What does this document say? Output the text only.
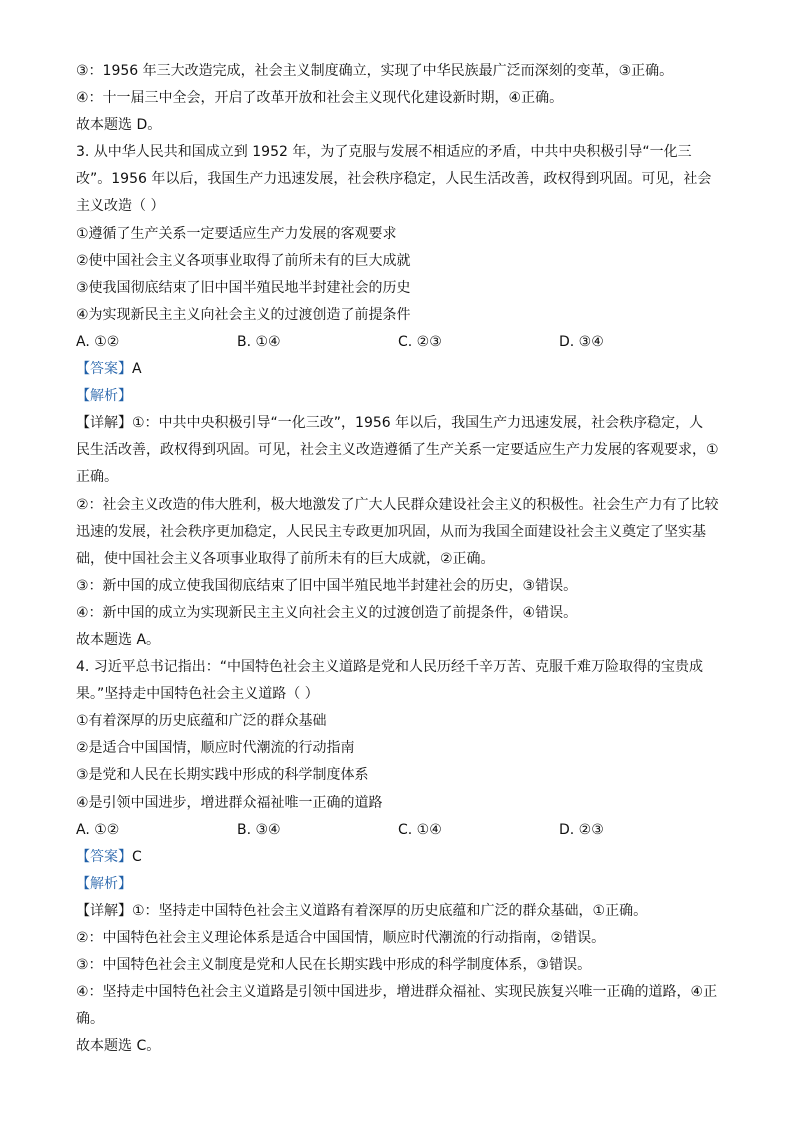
③：1956 年三大改造完成，社会主义制度确立，实现了中华民族最广泛而深刻的变革，③正确。
④：十一届三中全会，开启了改革开放和社会主义现代化建设新时期，④正确。
故本题选 D。
3. 从中华人民共和国成立到 1952 年，为了克服与发展不相适应的矛盾，中共中央积极引导“一化三
改”。1956 年以后，我国生产力迅速发展，社会秩序稳定，人民生活改善，政权得到巩固。可见，社会
主义改造（ ）
①遵循了生产关系一定要适应生产力发展的客观要求
②使中国社会主义各项事业取得了前所未有的巨大成就
③使我国彻底结束了旧中国半殖民地半封建社会的历史
④为实现新民主主义向社会主义的过渡创造了前提条件
A. ①②	B. ①④	C. ②③	D. ③④
【答案】A
【解析】
【详解】①：中共中央积极引导“一化三改”，1956 年以后，我国生产力迅速发展，社会秩序稳定，人
民生活改善，政权得到巩固。可见，社会主义改造遵循了生产关系一定要适应生产力发展的客观要求，①
正确。
②：社会主义改造的伟大胜利，极大地激发了广大人民群众建设社会主义的积极性。社会生产力有了比较
迅速的发展，社会秩序更加稳定，人民民主专政更加巩固，从而为我国全面建设社会主义奠定了坚实基
础，使中国社会主义各项事业取得了前所未有的巨大成就，②正确。
③：新中国的成立使我国彻底结束了旧中国半殖民地半封建社会的历史，③错误。
④：新中国的成立为实现新民主主义向社会主义的过渡创造了前提条件，④错误。
故本题选 A。
4. 习近平总书记指出：“中国特色社会主义道路是党和人民历经千辛万苦、克服千难万险取得的宝贵成
果。”坚持走中国特色社会主义道路（ ）
①有着深厚的历史底蕴和广泛的群众基础
②是适合中国国情，顺应时代潮流的行动指南
③是党和人民在长期实践中形成的科学制度体系
④是引领中国进步，增进群众福祉唯一正确的道路
A. ①②	B. ③④	C. ①④	D. ②③
【答案】C
【解析】
【详解】①：坚持走中国特色社会主义道路有着深厚的历史底蕴和广泛的群众基础，①正确。
②：中国特色社会主义理论体系是适合中国国情，顺应时代潮流的行动指南，②错误。
③：中国特色社会主义制度是党和人民在长期实践中形成的科学制度体系，③错误。
④：坚持走中国特色社会主义道路是引领中国进步，增进群众福祉、实现民族复兴唯一正确的道路，④正
确。
故本题选 C。
